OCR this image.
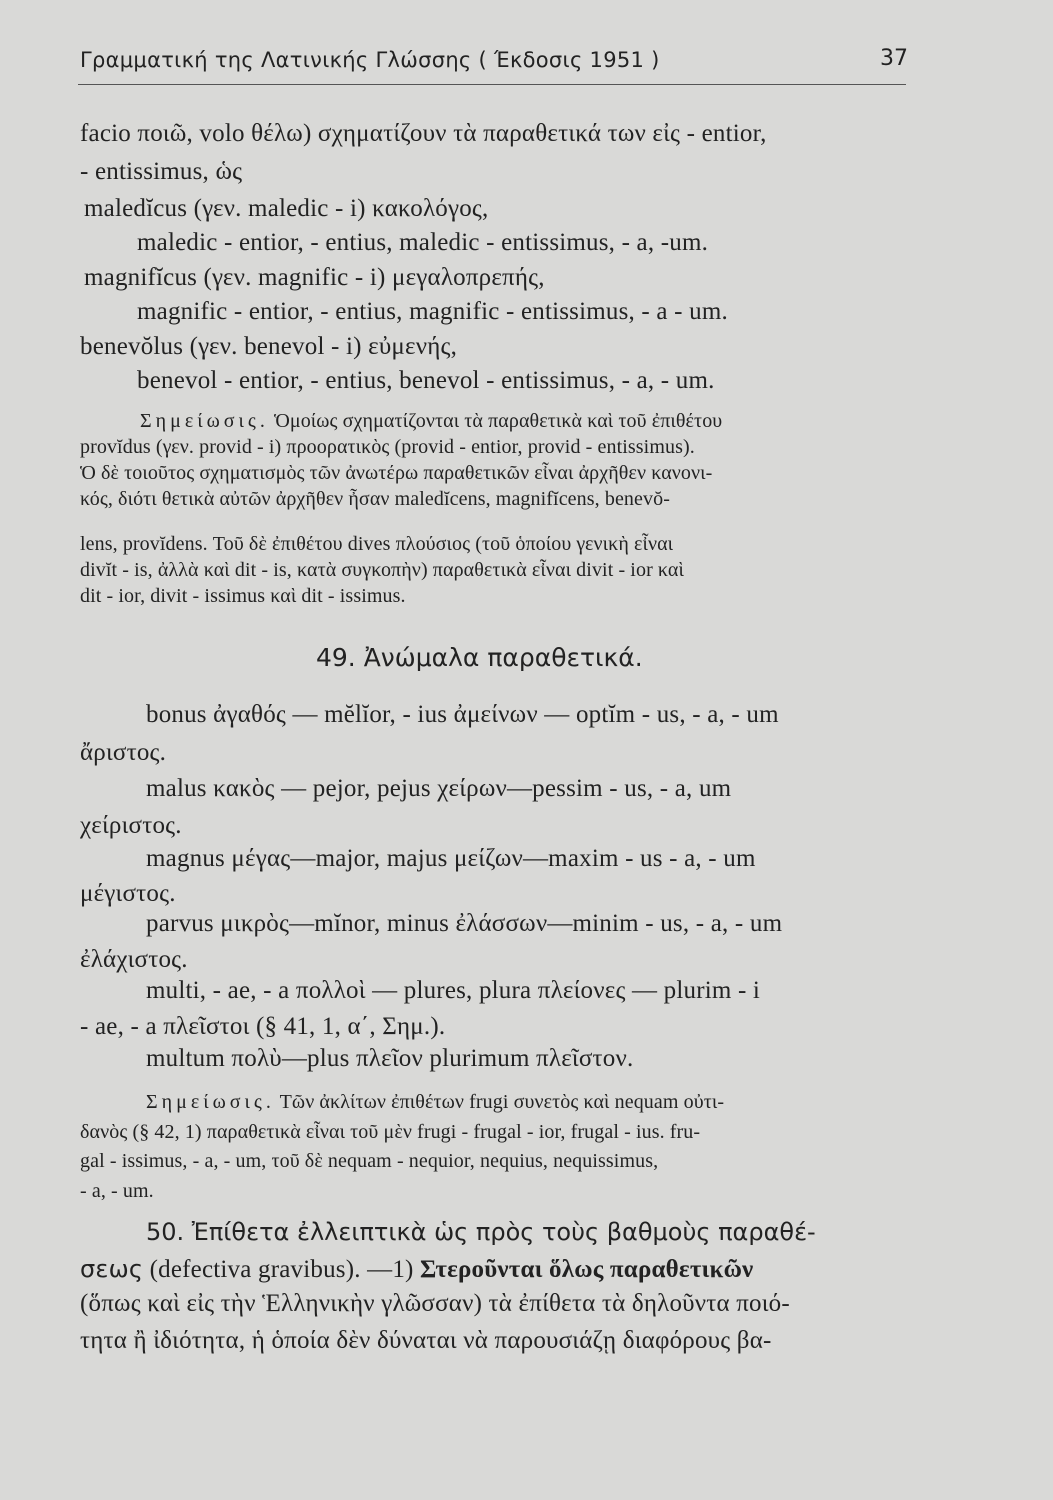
Γραμματική της Λατινικής Γλώσσης ( Έκδοσις 1951 )	37
facio ποιῶ, volo θέλω) σχηματίζουν τὰ παραθετικά των εἰς - entior,
- entissimus, ὡς
maledĭcus (γεν. maledic - i) κακολόγος,
maledic - entior, - entius, maledic - entissimus, - a, -um.
magnifĭcus (γεν. magnific - i) μεγαλοπρεπής,
magnific - entior, - entius, magnific - entissimus, - a - um.
benevŏlus (γεν. benevol - i) εὐμενής,
benevol - entior, - entius, benevol - entissimus, - a, - um.
Σημείωσις. Ὁμοίως σχηματίζονται τὰ παραθετικὰ καὶ τοῦ ἐπιθέτου
provĭdus (γεν. provid - i) προορατικὸς (provid - entior, provid - entissimus).
Ὁ δὲ τοιοῦτος σχηματισμὸς τῶν ἀνωτέρω παραθετικῶν εἶναι ἀρχῆθεν κανονι-
κός, διότι θετικὰ αὐτῶν ἀρχῆθεν ἦσαν maledĭcens, magnifĭcens, benevŏ-
lens, provĭdens. Τοῦ δὲ ἐπιθέτου dives πλούσιος (τοῦ ὁποίου γενικὴ εἶναι
divĭt - is, ἀλλὰ καὶ dit - is, κατὰ συγκοπὴν) παραθετικὰ εἶναι divit - ior καὶ
dit - ior, divit - issimus καὶ dit - issimus.
49. Ἀνώμαλα παραθετικά.
bonus ἀγαθός — mĕlĭor, - ius ἀμείνων — optĭm - us, - a, - um
ἄριστος.
malus κακὸς — pejor, pejus χείρων—pessim - us, - a, um
χείριστος.
magnus μέγας—major, majus μείζων—maxim - us - a, - um
μέγιστος.
parvus μικρὸς—mĭnor, minus ἐλάσσων—minim - us, - a, - um
ἐλάχιστος.
multi, - ae, - a πολλοὶ — plures, plura πλείονες — plurim - i
- ae, - a πλεῖστοι (§ 41, 1, α΄, Σημ.).
multum πολὺ—plus πλεῖον plurimum πλεῖστον.
Σημείωσις. Τῶν ἀκλίτων ἐπιθέτων frugi συνετὸς καὶ nequam οὐτι-
δανὸς (§ 42, 1) παραθετικὰ εἶναι τοῦ μὲν frugi - frugal - ior, frugal - ius. fru-
gal - issimus, - a, - um, τοῦ δὲ nequam - nequior, nequius, nequissimus,
- a, - um.
50. Ἐπίθετα ἐλλειπτικὰ ὡς πρὸς τοὺς βαθμοὺς παραθέ-
σεως (defectiva gravibus). —1) Στεροῦνται ὅλως παραθετικῶν
(ὅπως καὶ εἰς τὴν Ἑλληνικὴν γλῶσσαν) τὰ ἐπίθετα τὰ δηλοῦντα ποιό-
τητα ἢ ἰδιότητα, ἡ ὁποία δὲν δύναται νὰ παρουσιάζῃ διαφόρους βα-
